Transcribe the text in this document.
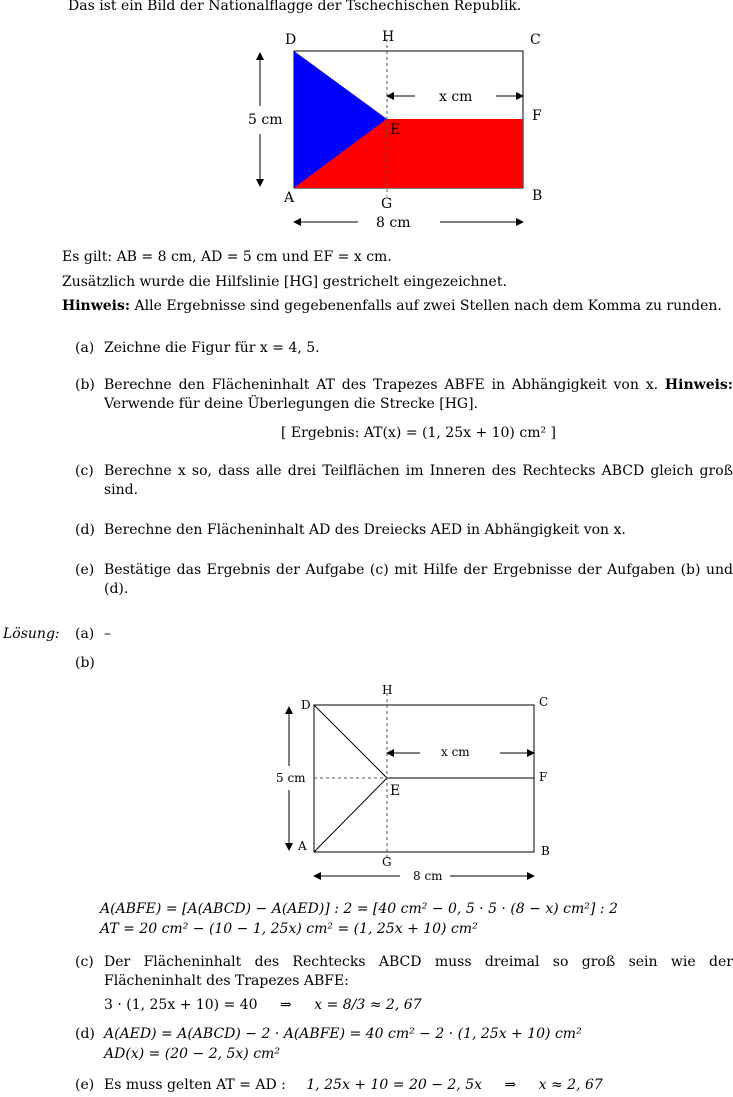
Das ist ein Bild der Nationalflagge der Tschechischen Republik.
D	H	C
F
E
A	G	B
5 cm
x cm
8 cm
Es gilt: AB = 8 cm, AD = 5 cm und EF = x cm.
Zusätzlich wurde die Hilfslinie [HG] gestrichelt eingezeichnet.
Hinweis: Alle Ergebnisse sind gegebenenfalls auf zwei Stellen nach dem Komma zu runden.
(a) Zeichne die Figur für x = 4, 5.
(b) Berechne den Flächeninhalt AT des Trapezes ABFE in Abhängigkeit von x. Hinweis: Verwende für deine Überlegungen die Strecke [HG].
[ Ergebnis: AT(x) = (1, 25x + 10) cm² ]
(c) Berechne x so, dass alle drei Teilflächen im Inneren des Rechtecks ABCD gleich groß sind.
(d) Berechne den Flächeninhalt AD des Dreiecks AED in Abhängigkeit von x.
(e) Bestätige das Ergebnis der Aufgabe (c) mit Hilfe der Ergebnisse der Aufgaben (b) und (d).
Lösung: (a) –
(b)
D
H
C
F
E
A
G
B
5 cm
x cm
8 cm
A(ABFE) = [A(ABCD) − A(AED)] : 2 = [40 cm² − 0, 5 · 5 · (8 − x) cm²] : 2
AT = 20 cm² − (10 − 1, 25x) cm² = (1, 25x + 10) cm²
(c) Der Flächeninhalt des Rechtecks ABCD muss dreimal so groß sein wie der Flächeninhalt des Trapezes ABFE:
3 · (1, 25x + 10) = 40 ⇒ x = 8/3 ≈ 2, 67
(d) A(AED) = A(ABCD) − 2 · A(ABFE) = 40 cm² − 2 · (1, 25x + 10) cm²
AD(x) = (20 − 2, 5x) cm²
(e) Es muss gelten AT = AD : 1, 25x + 10 = 20 − 2, 5x ⇒ x ≈ 2, 67
